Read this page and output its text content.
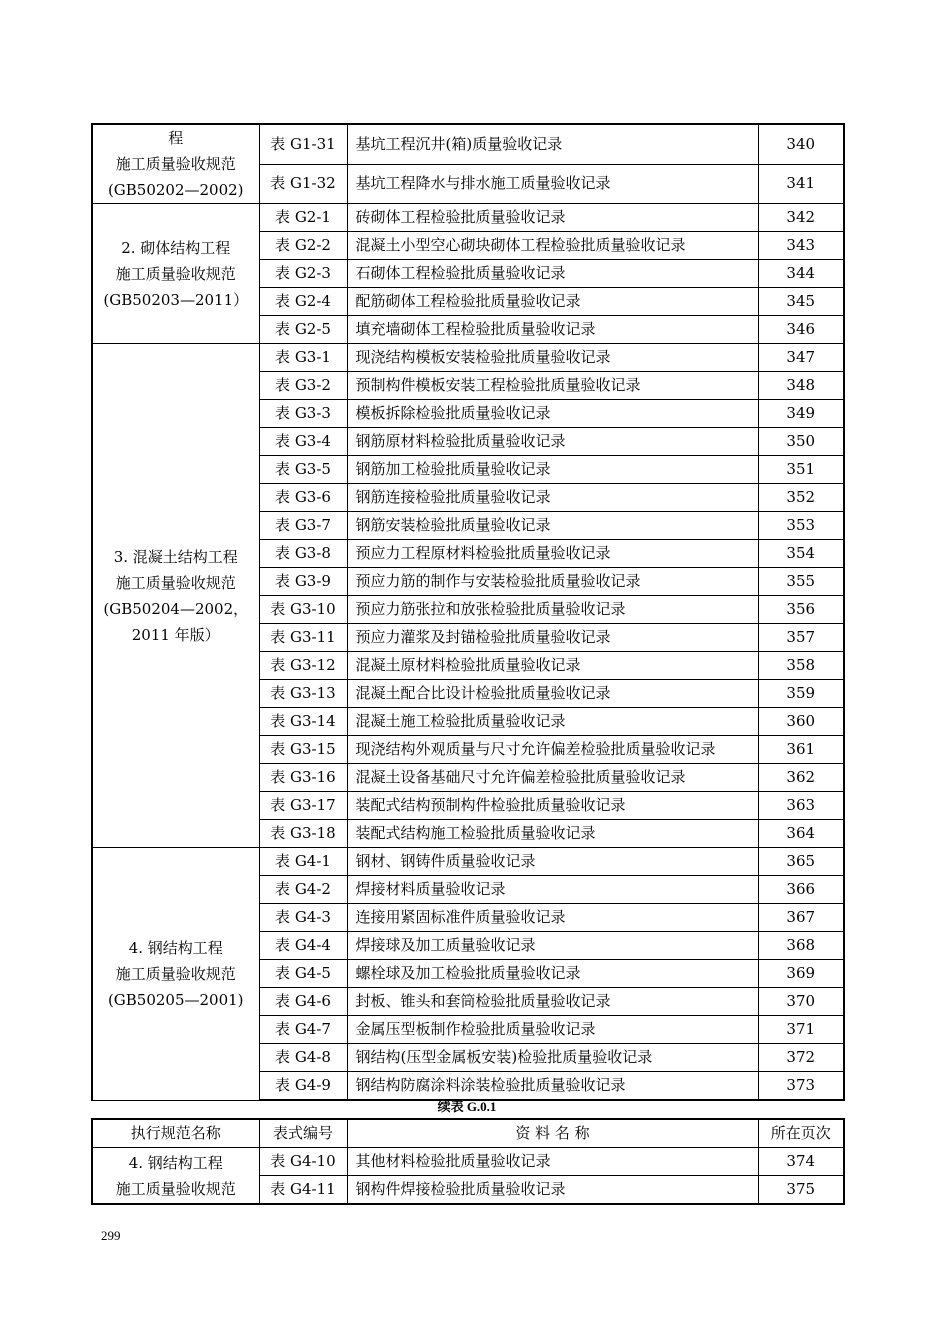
程
施工质量验收规范
(GB50202—2002)	表 G1-31	基坑工程沉井(箱)质量验收记录	340
	表 G1-32	基坑工程降水与排水施工质量验收记录	341

2. 砌体结构工程
施工质量验收规范
(GB50203—2011）	表 G2-1	砖砌体工程检验批质量验收记录	342
	表 G2-2	混凝土小型空心砌块砌体工程检验批质量验收记录	343
	表 G2-3	石砌体工程检验批质量验收记录	344
	表 G2-4	配筋砌体工程检验批质量验收记录	345
	表 G2-5	填充墙砌体工程检验批质量验收记录	346

3. 混凝土结构工程
施工质量验收规范
(GB50204—2002，
2011 年版）	表 G3-1	现浇结构模板安装检验批质量验收记录	347
	表 G3-2	预制构件模板安装工程检验批质量验收记录	348
	表 G3-3	模板拆除检验批质量验收记录	349
	表 G3-4	钢筋原材料检验批质量验收记录	350
	表 G3-5	钢筋加工检验批质量验收记录	351
	表 G3-6	钢筋连接检验批质量验收记录	352
	表 G3-7	钢筋安装检验批质量验收记录	353
	表 G3-8	预应力工程原材料检验批质量验收记录	354
	表 G3-9	预应力筋的制作与安装检验批质量验收记录	355
	表 G3-10	预应力筋张拉和放张检验批质量验收记录	356
	表 G3-11	预应力灌浆及封锚检验批质量验收记录	357
	表 G3-12	混凝土原材料检验批质量验收记录	358
	表 G3-13	混凝土配合比设计检验批质量验收记录	359
	表 G3-14	混凝土施工检验批质量验收记录	360
	表 G3-15	现浇结构外观质量与尺寸允许偏差检验批质量验收记录	361
	表 G3-16	混凝土设备基础尺寸允许偏差检验批质量验收记录	362
	表 G3-17	装配式结构预制构件检验批质量验收记录	363
	表 G3-18	装配式结构施工检验批质量验收记录	364

4. 钢结构工程
施工质量验收规范
(GB50205—2001)	表 G4-1	钢材、钢铸件质量验收记录	365
	表 G4-2	焊接材料质量验收记录	366
	表 G4-3	连接用紧固标准件质量验收记录	367
	表 G4-4	焊接球及加工质量验收记录	368
	表 G4-5	螺栓球及加工检验批质量验收记录	369
	表 G4-6	封板、锥头和套筒检验批质量验收记录	370
	表 G4-7	金属压型板制作检验批质量验收记录	371
	表 G4-8	钢结构(压型金属板安装)检验批质量验收记录	372
	表 G4-9	钢结构防腐涂料涂装检验批质量验收记录	373
续表 G.0.1
执行规范名称	表式编号	资 料 名 称	所在页次

4. 钢结构工程
施工质量验收规范	表 G4-10	其他材料检验批质量验收记录	374
	表 G4-11	钢构件焊接检验批质量验收记录	375
299
